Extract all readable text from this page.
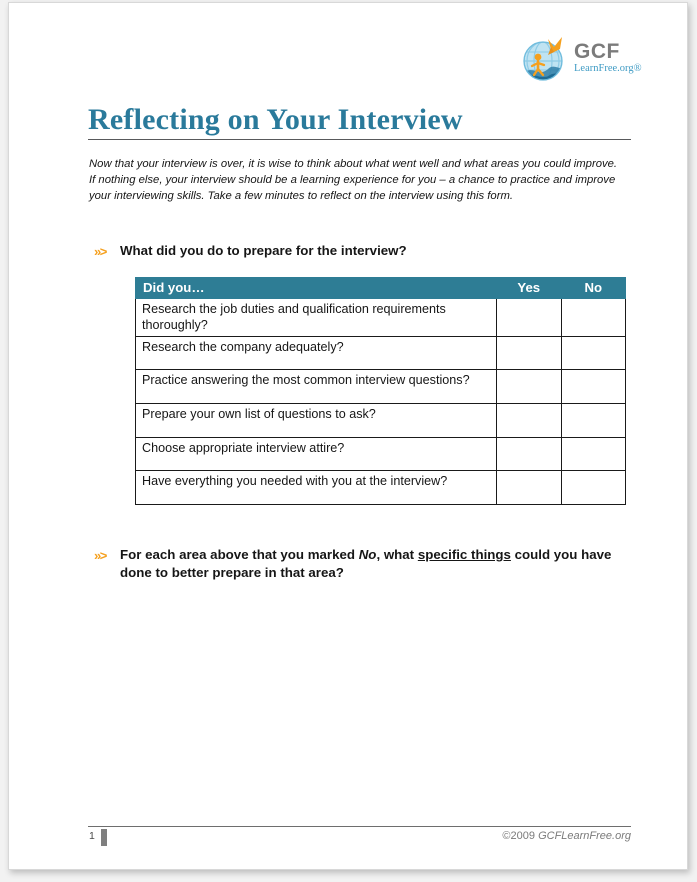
GCF
LearnFree.org®
Reflecting on Your Interview
Now that your interview is over, it is wise to think about what went well and what areas you could improve. If nothing else, your interview should be a learning experience for you – a chance to practice and improve your interviewing skills. Take a few minutes to reflect on the interview using this form.
»>	What did you do to prepare for the interview?
Did you…	Yes	No
Research the job duties and qualification requirements thoroughly?		
Research the company adequately?		
Practice answering the most common interview questions?		
Prepare your own list of questions to ask?		
Choose appropriate interview attire?		
Have everything you needed with you at the interview?		
»>	For each area above that you marked No, what specific things could you have done to better prepare in that area?
1	©2009 GCFLearnFree.org
